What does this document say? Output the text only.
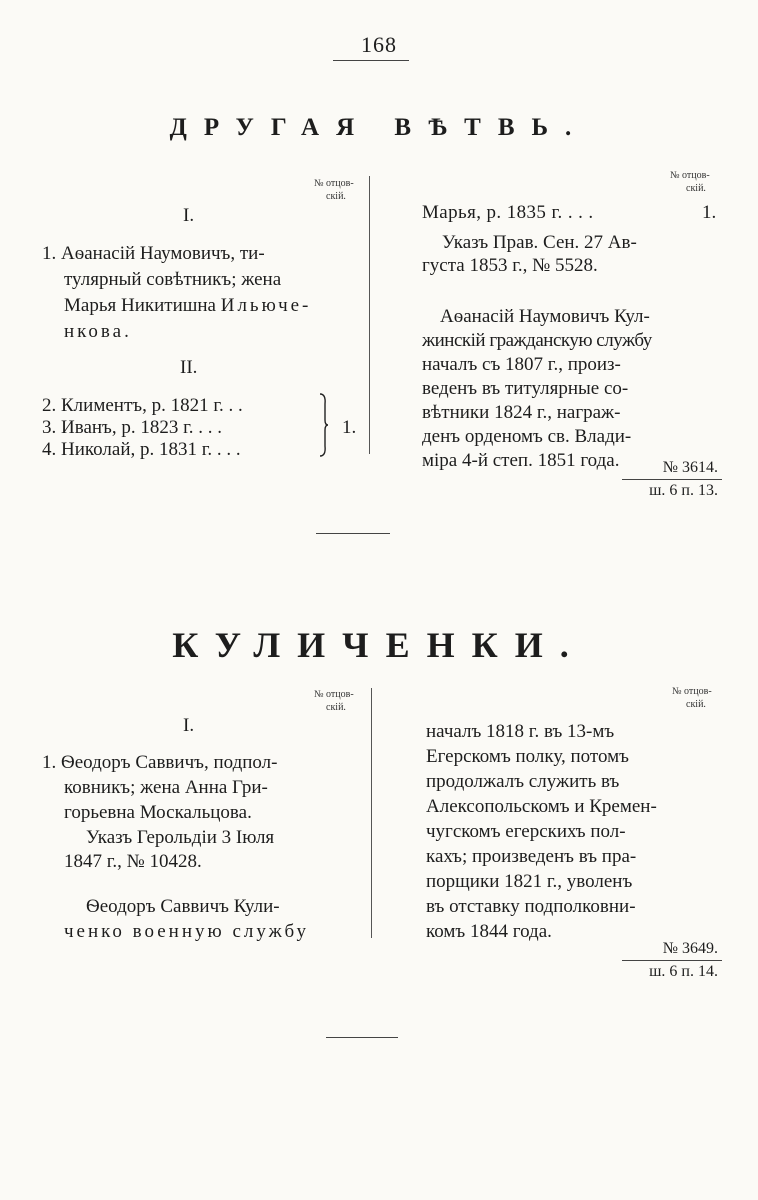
168
ДРУГАЯ ВѢТВЬ.
№ отцов-
скій.
№ отцов-
скій.
I.
1. Аѳанасій Наумовичъ, ти-
тулярный совѣтникъ; жена
Марья Никитишна Ильюче-
нкова.
II.
2. Климентъ, р. 1821 г. . .
3. Иванъ, р. 1823 г. . . .
4. Николай, р. 1831 г. . . .
1.
Марья, р. 1835 г. . . .	1.
Указъ Прав. Сен. 27 Ав-
густа 1853 г., № 5528.
Аѳанасій Наумовичъ Кул-
жинскій гражданскую службу
началъ съ 1807 г., произ-
веденъ въ титулярные со-
вѣтники 1824 г., награж-
денъ орденомъ св. Влади-
міра 4-й степ. 1851 года.	№ 3614.
ш. 6 п. 13.
КУЛИЧЕНКИ.
№ отцов-
скій.
№ отцов-
скій.
I.
1. Ѳеодоръ Саввичъ, подпол-
ковникъ; жена Анна Гри-
горьевна Москальцова.
Указъ Герольдіи 3 Іюля
1847 г., № 10428.
Ѳеодоръ Саввичъ Кули-
ченко военную службу
началъ 1818 г. въ 13-мъ
Егерскомъ полку, потомъ
продолжалъ служить въ
Алексопольскомъ и Кремен-
чугскомъ егерскихъ пол-
кахъ; произведенъ въ пра-
порщики 1821 г., уволенъ
въ отставку подполковни-
комъ 1844 года.
№ 3649.
ш. 6 п. 14.
